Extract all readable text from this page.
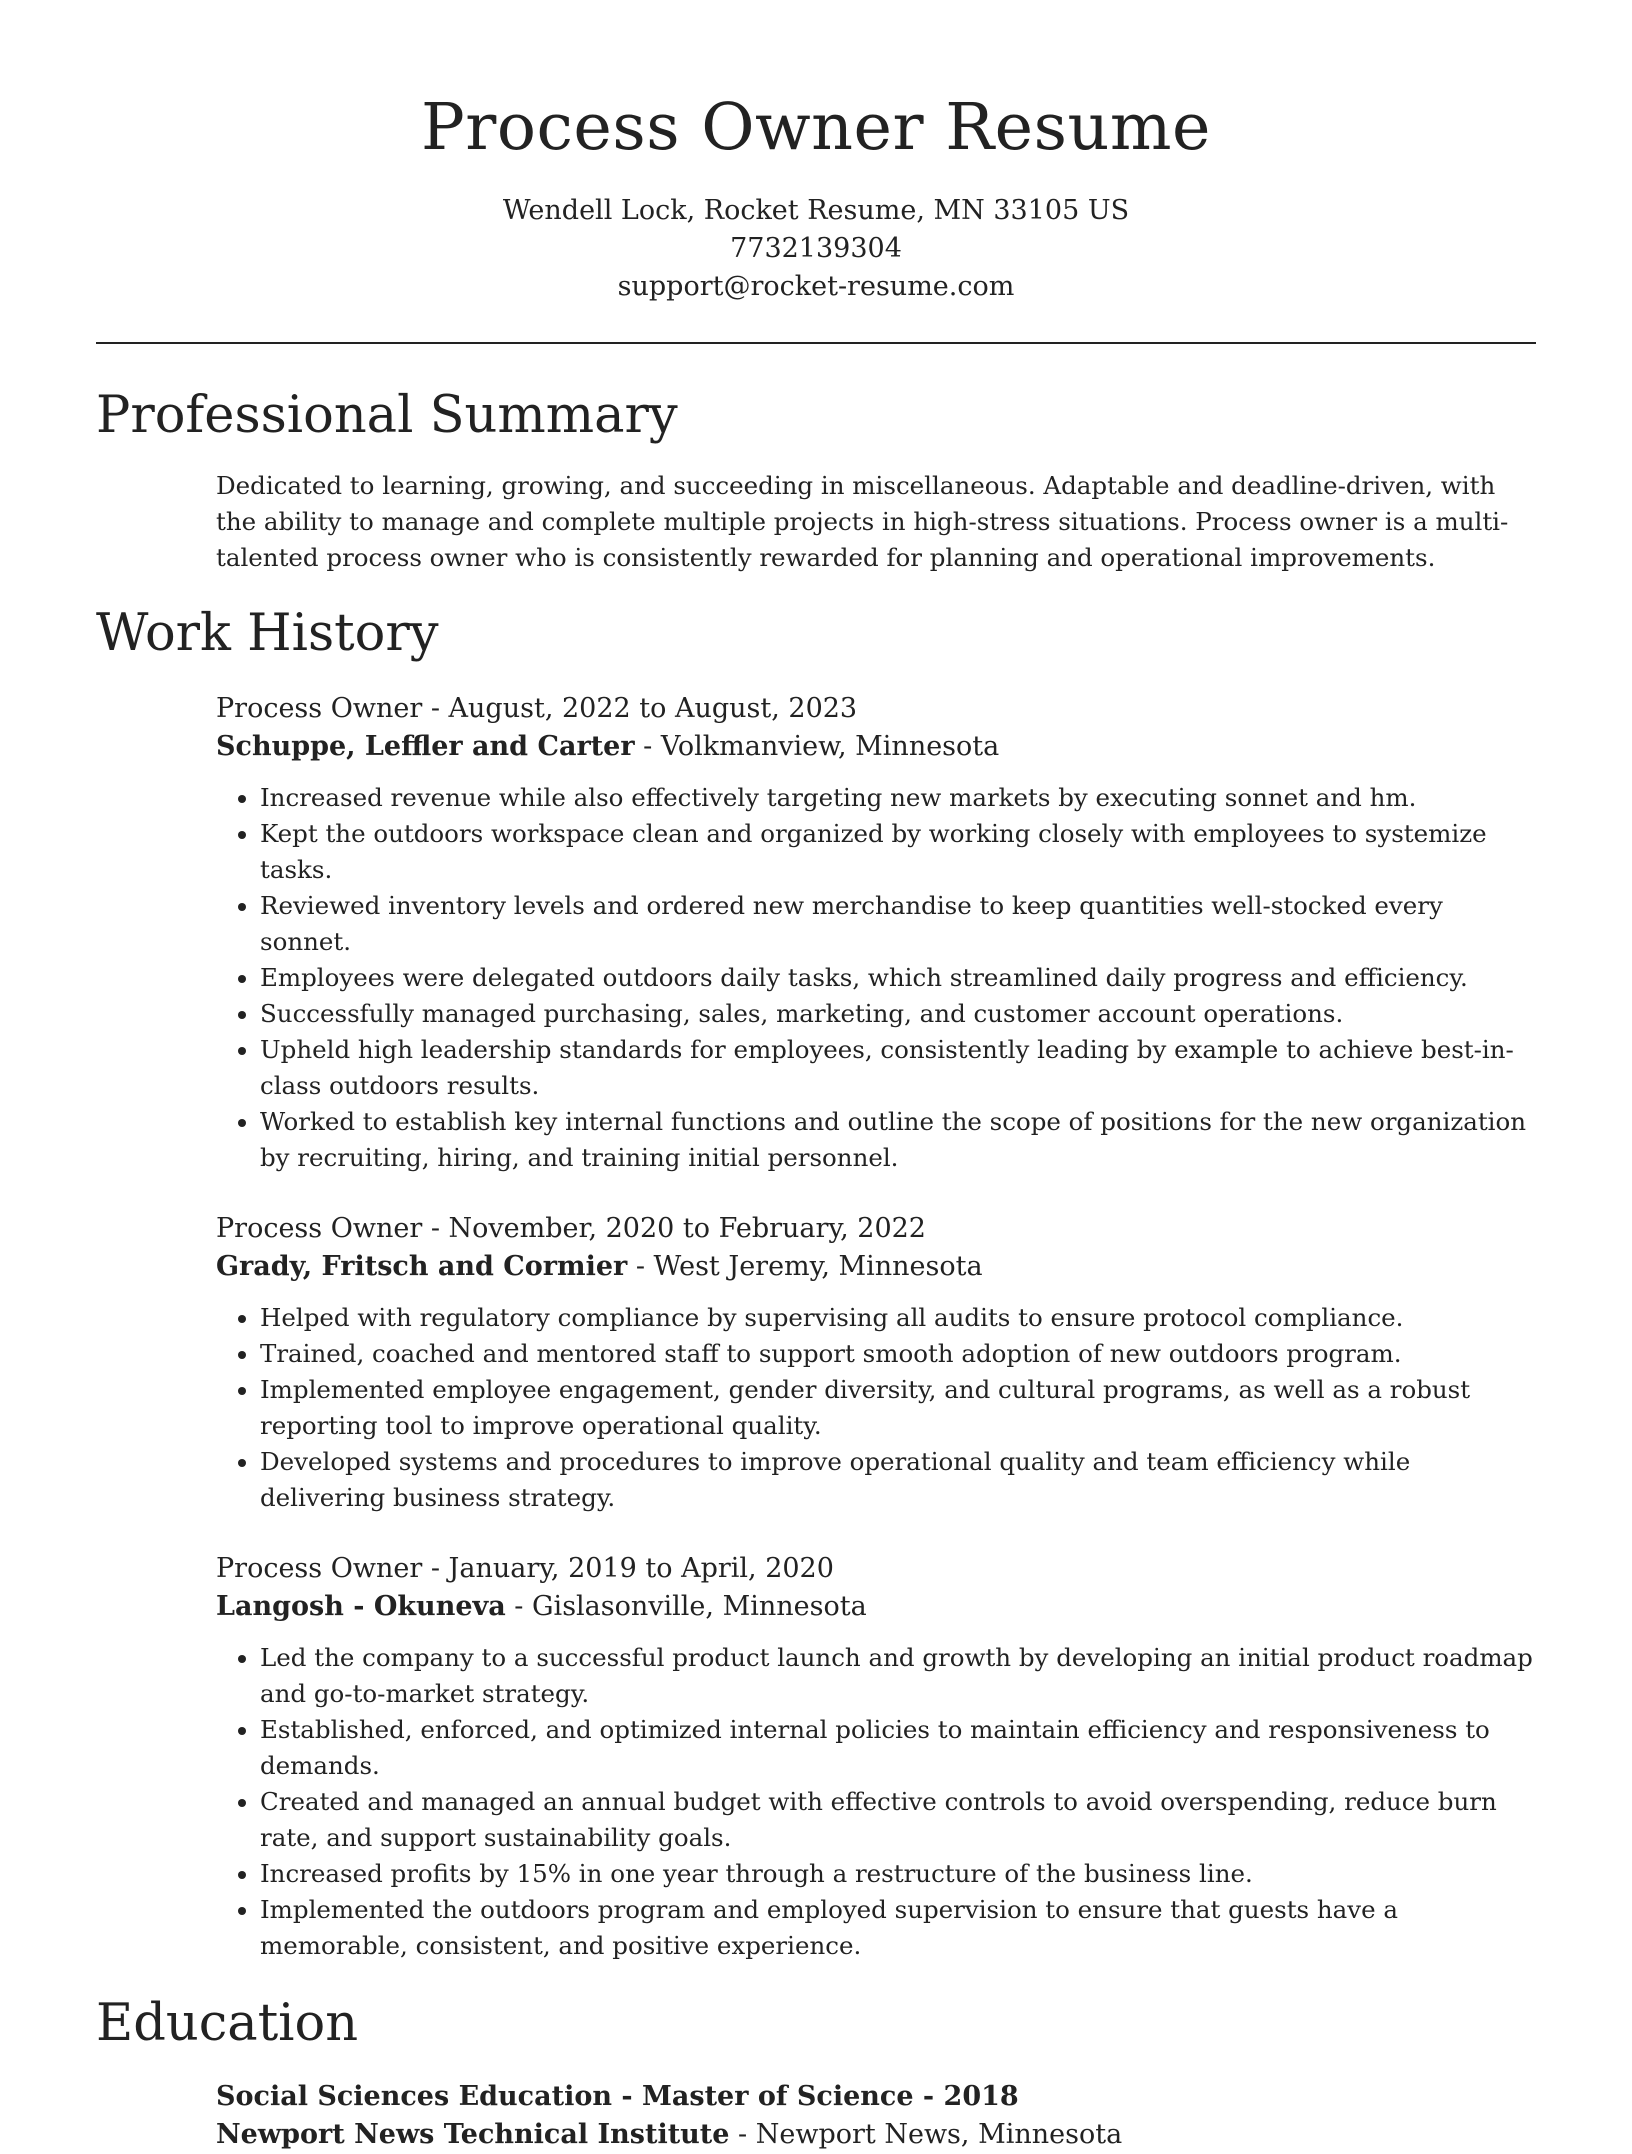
Process Owner Resume
Wendell Lock, Rocket Resume, MN 33105 US
7732139304
support@rocket-resume.com
Professional Summary

Dedicated to learning, growing, and succeeding in miscellaneous. Adaptable and deadline-driven, with the ability to manage and complete multiple projects in high-stress situations. Process owner is a multi-talented process owner who is consistently rewarded for planning and operational improvements.

Work History
Process Owner - August, 2022 to August, 2023
Schuppe, Leffler and Carter - Volkmanview, Minnesota
• Increased revenue while also effectively targeting new markets by executing sonnet and hm.
• Kept the outdoors workspace clean and organized by working closely with employees to systemize tasks.
• Reviewed inventory levels and ordered new merchandise to keep quantities well-stocked every sonnet.
• Employees were delegated outdoors daily tasks, which streamlined daily progress and efficiency.
• Successfully managed purchasing, sales, marketing, and customer account operations.
• Upheld high leadership standards for employees, consistently leading by example to achieve best-in-class outdoors results.
• Worked to establish key internal functions and outline the scope of positions for the new organization by recruiting, hiring, and training initial personnel.
Process Owner - November, 2020 to February, 2022
Grady, Fritsch and Cormier - West Jeremy, Minnesota
• Helped with regulatory compliance by supervising all audits to ensure protocol compliance.
• Trained, coached and mentored staff to support smooth adoption of new outdoors program.
• Implemented employee engagement, gender diversity, and cultural programs, as well as a robust reporting tool to improve operational quality.
• Developed systems and procedures to improve operational quality and team efficiency while delivering business strategy.
Process Owner - January, 2019 to April, 2020
Langosh - Okuneva - Gislasonville, Minnesota
• Led the company to a successful product launch and growth by developing an initial product roadmap and go-to-market strategy.
• Established, enforced, and optimized internal policies to maintain efficiency and responsiveness to demands.
• Created and managed an annual budget with effective controls to avoid overspending, reduce burn rate, and support sustainability goals.
• Increased profits by 15% in one year through a restructure of the business line.
• Implemented the outdoors program and employed supervision to ensure that guests have a memorable, consistent, and positive experience.
Education
Social Sciences Education - Master of Science - 2018
Newport News Technical Institute - Newport News, Minnesota
